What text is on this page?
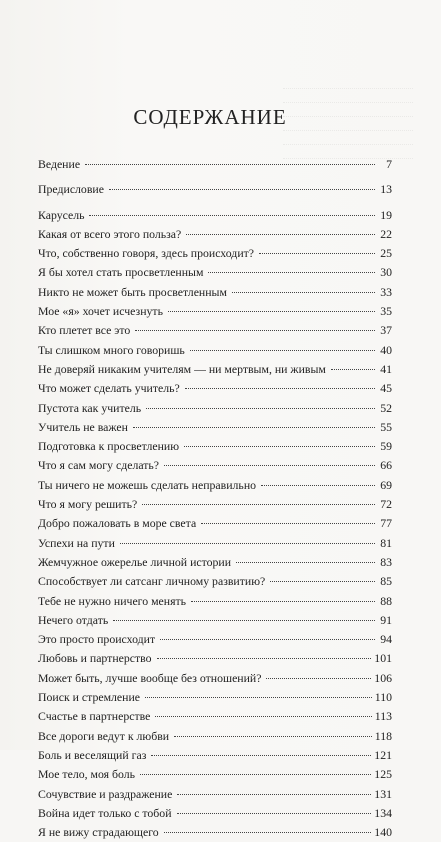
СОДЕРЖАНИЕ
Ведение	7
Предисловие	13
Карусель	19
Какая от всего этого польза?	22
Что, собственно говоря, здесь происходит?	25
Я бы хотел стать просветленным	30
Никто не может быть просветленным	33
Мое «я» хочет исчезнуть	35
Кто плетет все это	37
Ты слишком много говоришь	40
Не доверяй никаким учителям — ни мертвым, ни живым	41
Что может сделать учитель?	45
Пустота как учитель	52
Учитель не важен	55
Подготовка к просветлению	59
Что я сам могу сделать?	66
Ты ничего не можешь сделать неправильно	69
Что я могу решить?	72
Добро пожаловать в море света	77
Успехи на пути	81
Жемчужное ожерелье личной истории	83
Способствует ли сатсанг личному развитию?	85
Тебе не нужно ничего менять	88
Нечего отдать	91
Это просто происходит	94
Любовь и партнерство	101
Может быть, лучше вообще без отношений?	106
Поиск и стремление	110
Счастье в партнерстве	113
Все дороги ведут к любви	118
Боль и веселящий газ	121
Мое тело, моя боль	125
Сочувствие и раздражение	131
Война идет только с тобой	134
Я не вижу страдающего	140
